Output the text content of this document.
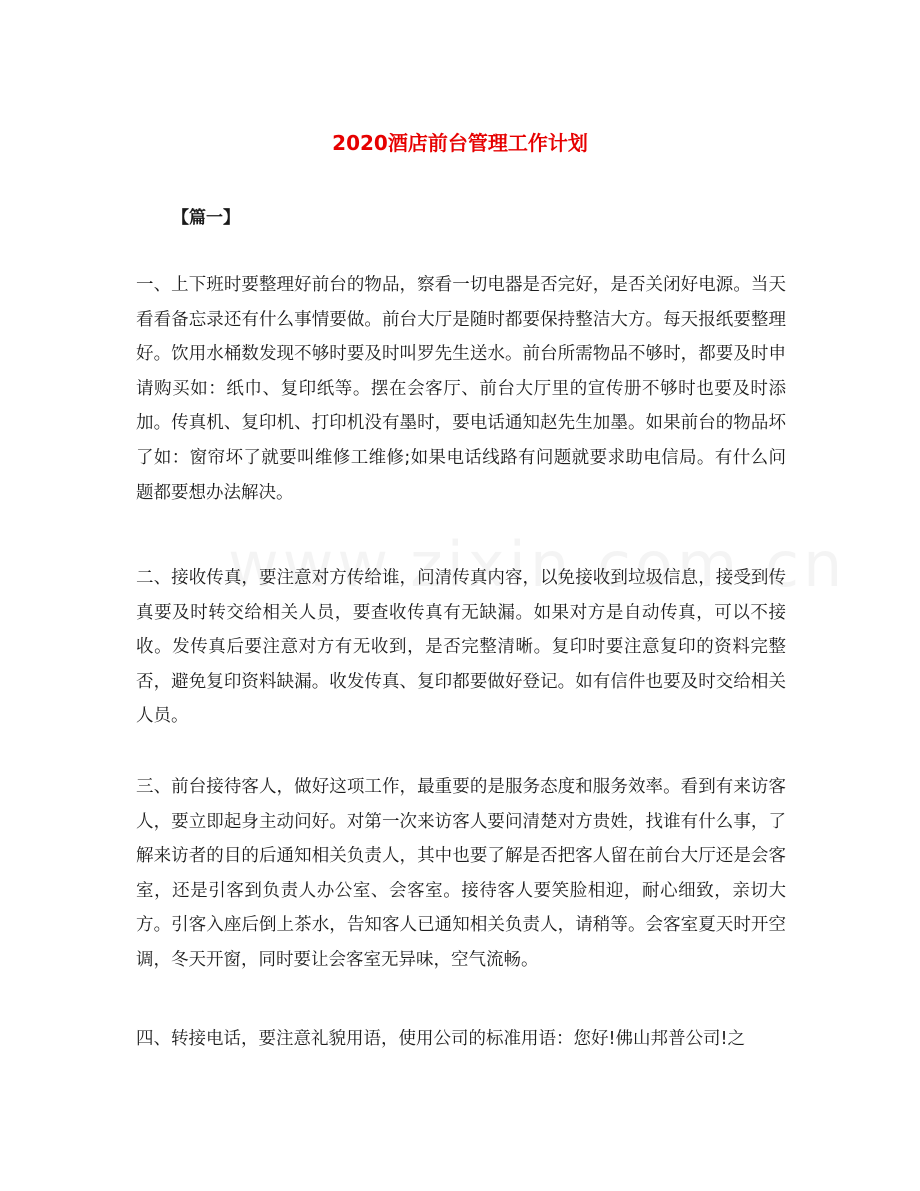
2020酒店前台管理工作计划
【篇一】
一、上下班时要整理好前台的物品，察看一切电器是否完好，是否关闭好电源。当天看看备忘录还有什么事情要做。前台大厅是随时都要保持整洁大方。每天报纸要整理好。饮用水桶数发现不够时要及时叫罗先生送水。前台所需物品不够时，都要及时申请购买如：纸巾、复印纸等。摆在会客厅、前台大厅里的宣传册不够时也要及时添加。传真机、复印机、打印机没有墨时，要电话通知赵先生加墨。如果前台的物品坏了如：窗帘坏了就要叫维修工维修;如果电话线路有问题就要求助电信局。有什么问题都要想办法解决。
二、接收传真，要注意对方传给谁，问清传真内容，以免接收到垃圾信息，接受到传真要及时转交给相关人员，要查收传真有无缺漏。如果对方是自动传真，可以不接收。发传真后要注意对方有无收到，是否完整清晰。复印时要注意复印的资料完整否，避免复印资料缺漏。收发传真、复印都要做好登记。如有信件也要及时交给相关人员。
三、前台接待客人，做好这项工作，最重要的是服务态度和服务效率。看到有来访客人，要立即起身主动问好。对第一次来访客人要问清楚对方贵姓，找谁有什么事，了解来访者的目的后通知相关负责人，其中也要了解是否把客人留在前台大厅还是会客室，还是引客到负责人办公室、会客室。接待客人要笑脸相迎，耐心细致，亲切大方。引客入座后倒上茶水，告知客人已通知相关负责人，请稍等。会客室夏天时开空调，冬天开窗，同时要让会客室无异味，空气流畅。
四、转接电话，要注意礼貌用语，使用公司的标准用语：您好!佛山邦普公司!之
